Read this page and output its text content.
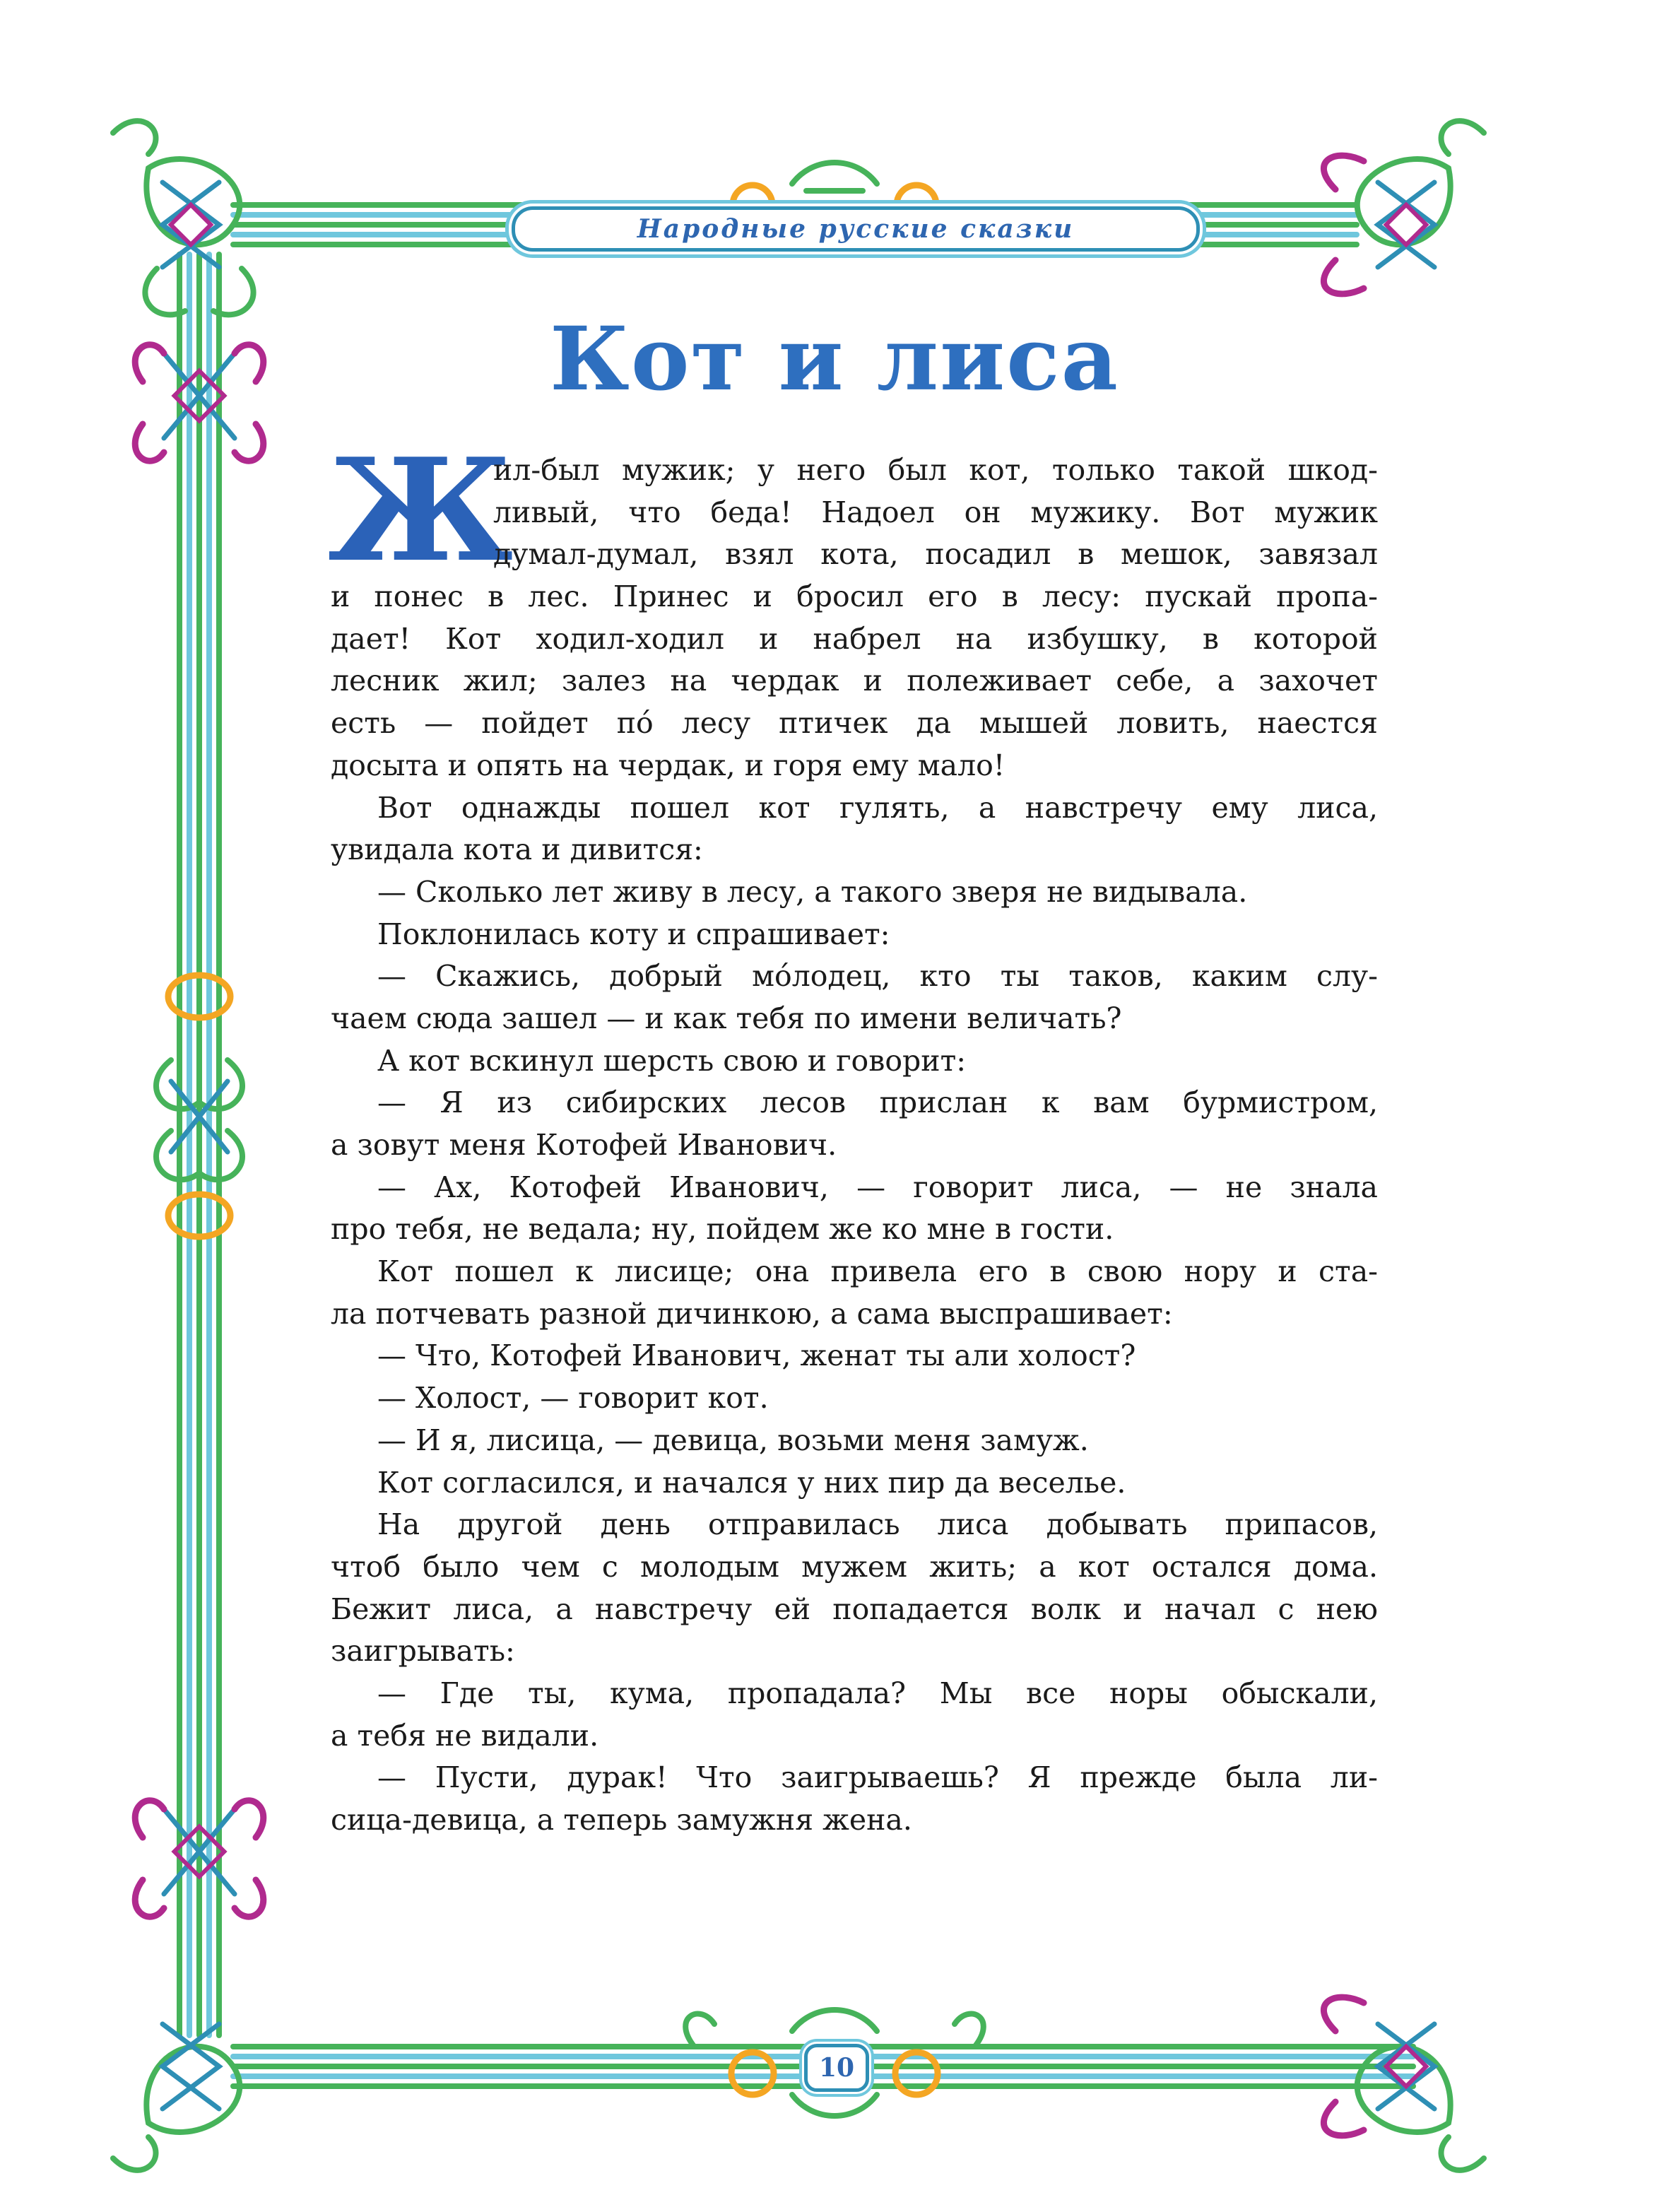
Народные русские сказки
Кот и лиса
Ж
ил-был мужик; у него был кот, только такой шкод-
ливый, что беда! Надоел он мужику. Вот мужик
думал-думал, взял кота, посадил в мешок, завязал
и понес в лес. Принес и бросил его в лесу: пускай пропа-
дает! Кот ходил-ходил и набрел на избушку, в которой
лесник жил; залез на чердак и полеживает себе, а захочет
есть — пойдет пó лесу птичек да мышей ловить, наестся
досыта и опять на чердак, и горя ему мало!
Вот однажды пошел кот гулять, а навстречу ему лиса,
увидала кота и дивится:
— Сколько лет живу в лесу, а такого зверя не видывала.
Поклонилась коту и спрашивает:
— Скажись, добрый мóлодец, кто ты таков, каким слу-
чаем сюда зашел — и как тебя по имени величать?
А кот вскинул шерсть свою и говорит:
— Я из сибирских лесов прислан к вам бурмистром,
а зовут меня Котофей Иванович.
— Ах, Котофей Иванович, — говорит лиса, — не знала
про тебя, не ведала; ну, пойдем же ко мне в гости.
Кот пошел к лисице; она привела его в свою нору и ста-
ла потчевать разной дичинкою, а сама выспрашивает:
— Что, Котофей Иванович, женат ты али холост?
— Холост, — говорит кот.
— И я, лисица, — девица, возьми меня замуж.
Кот согласился, и начался у них пир да веселье.
На другой день отправилась лиса добывать припасов,
чтоб было чем с молодым мужем жить; а кот остался дома.
Бежит лиса, а навстречу ей попадается волк и начал с нею
заигрывать:
— Где ты, кума, пропадала? Мы все норы обыскали,
а тебя не видали.
— Пусти, дурак! Что заигрываешь? Я прежде была ли-
сица-девица, а теперь замужня жена.
10
